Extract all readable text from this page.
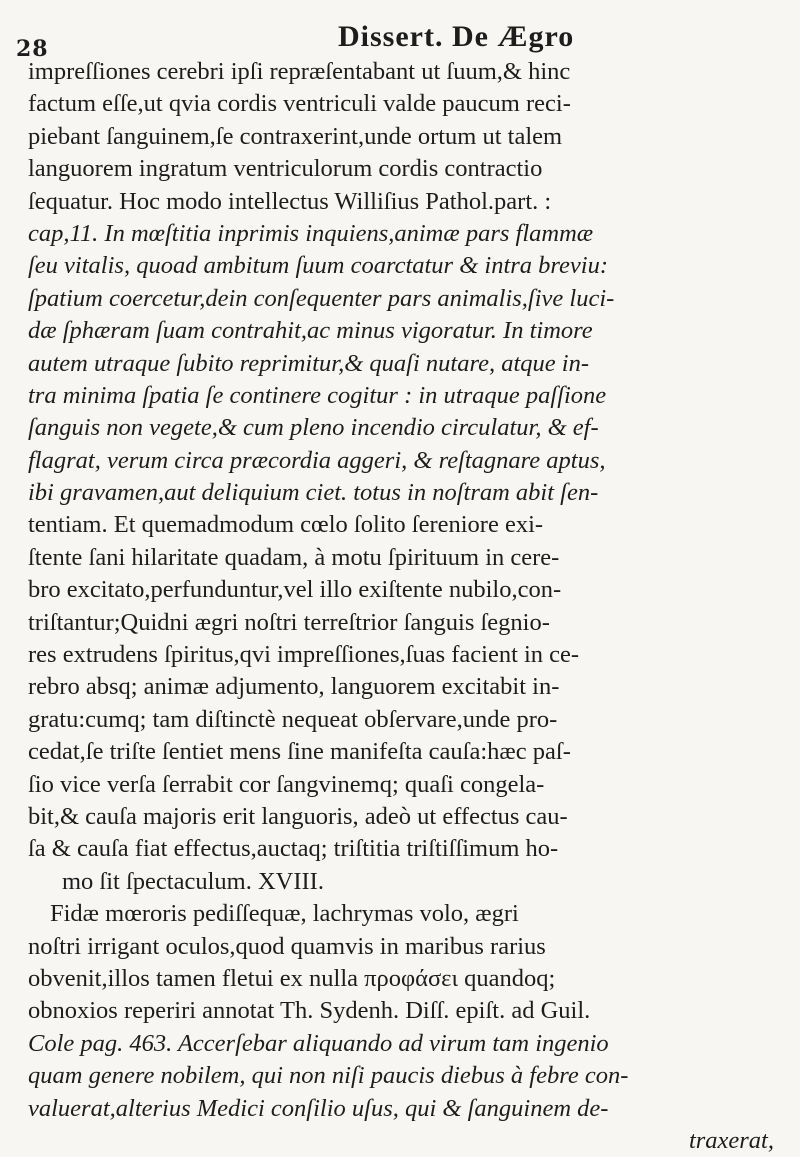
28	Dissert. De Ægro
impreſſiones cerebri ipſi repræſentabant ut ſuum,& hinc
factum eſſe,ut qvia cordis ventriculi valde paucum reci-
piebant ſanguinem,ſe contraxerint,unde ortum ut talem
languorem ingratum ventriculorum cordis contractio
ſequatur. Hoc modo intellectus Williſius Pathol.part. :
cap,11. In mœſtitia inprimis inquiens,animæ pars flammæ
ſeu vitalis, quoad ambitum ſuum coarctatur & intra breviu:
ſpatium coercetur,dein conſequenter pars animalis,ſive luci-
dæ ſphæram ſuam contrahit,ac minus vigoratur. In timore
autem utraque ſubito reprimitur,& quaſi nutare, atque in-
tra minima ſpatia ſe continere cogitur : in utraque paſſione
ſanguis non vegete,& cum pleno incendio circulatur, & ef-
flagrat, verum circa præcordia aggeri, & reſtagnare aptus,
ibi gravamen,aut deliquium ciet. totus in noſtram abit ſen-
tentiam. Et quemadmodum cœlo ſolito ſereniore exi-
ſtente ſani hilaritate quadam, à motu ſpirituum in cere-
bro excitato,perfunduntur,vel illo exiſtente nubilo,con-
triſtantur;Quidni ægri noſtri terreſtrior ſanguis ſegnio-
res extrudens ſpiritus,qvi impreſſiones,ſuas facient in ce-
rebro absq; animæ adjumento, languorem excitabit in-
gratu:cumq; tam diſtinctè nequeat obſervare,unde pro-
cedat,ſe triſte ſentiet mens ſine manifeſta cauſa:hæc paſ-
ſio vice verſa ſerrabit cor ſangvinemq; quaſi congela-
bit,& cauſa majoris erit languoris, adeò ut effectus cau-
ſa & cauſa fiat effectus,auctaq; triſtitia triſtiſſimum ho-
mo ſit ſpectaculum. XVIII.
Fidæ mœroris pediſſequæ, lachrymas volo, ægri
noſtri irrigant oculos,quod quamvis in maribus rarius
obvenit,illos tamen fletui ex nulla προφάσει quandoq;
obnoxios reperiri annotat Th. Sydenh. Diſſ. epiſt. ad Guil.
Cole pag. 463. Accerſebar aliquando ad virum tam ingenio
quam genere nobilem, qui non niſi paucis diebus à febre con-
valuerat,alterius Medici conſilio uſus, qui & ſanguinem de-
traxerat,
